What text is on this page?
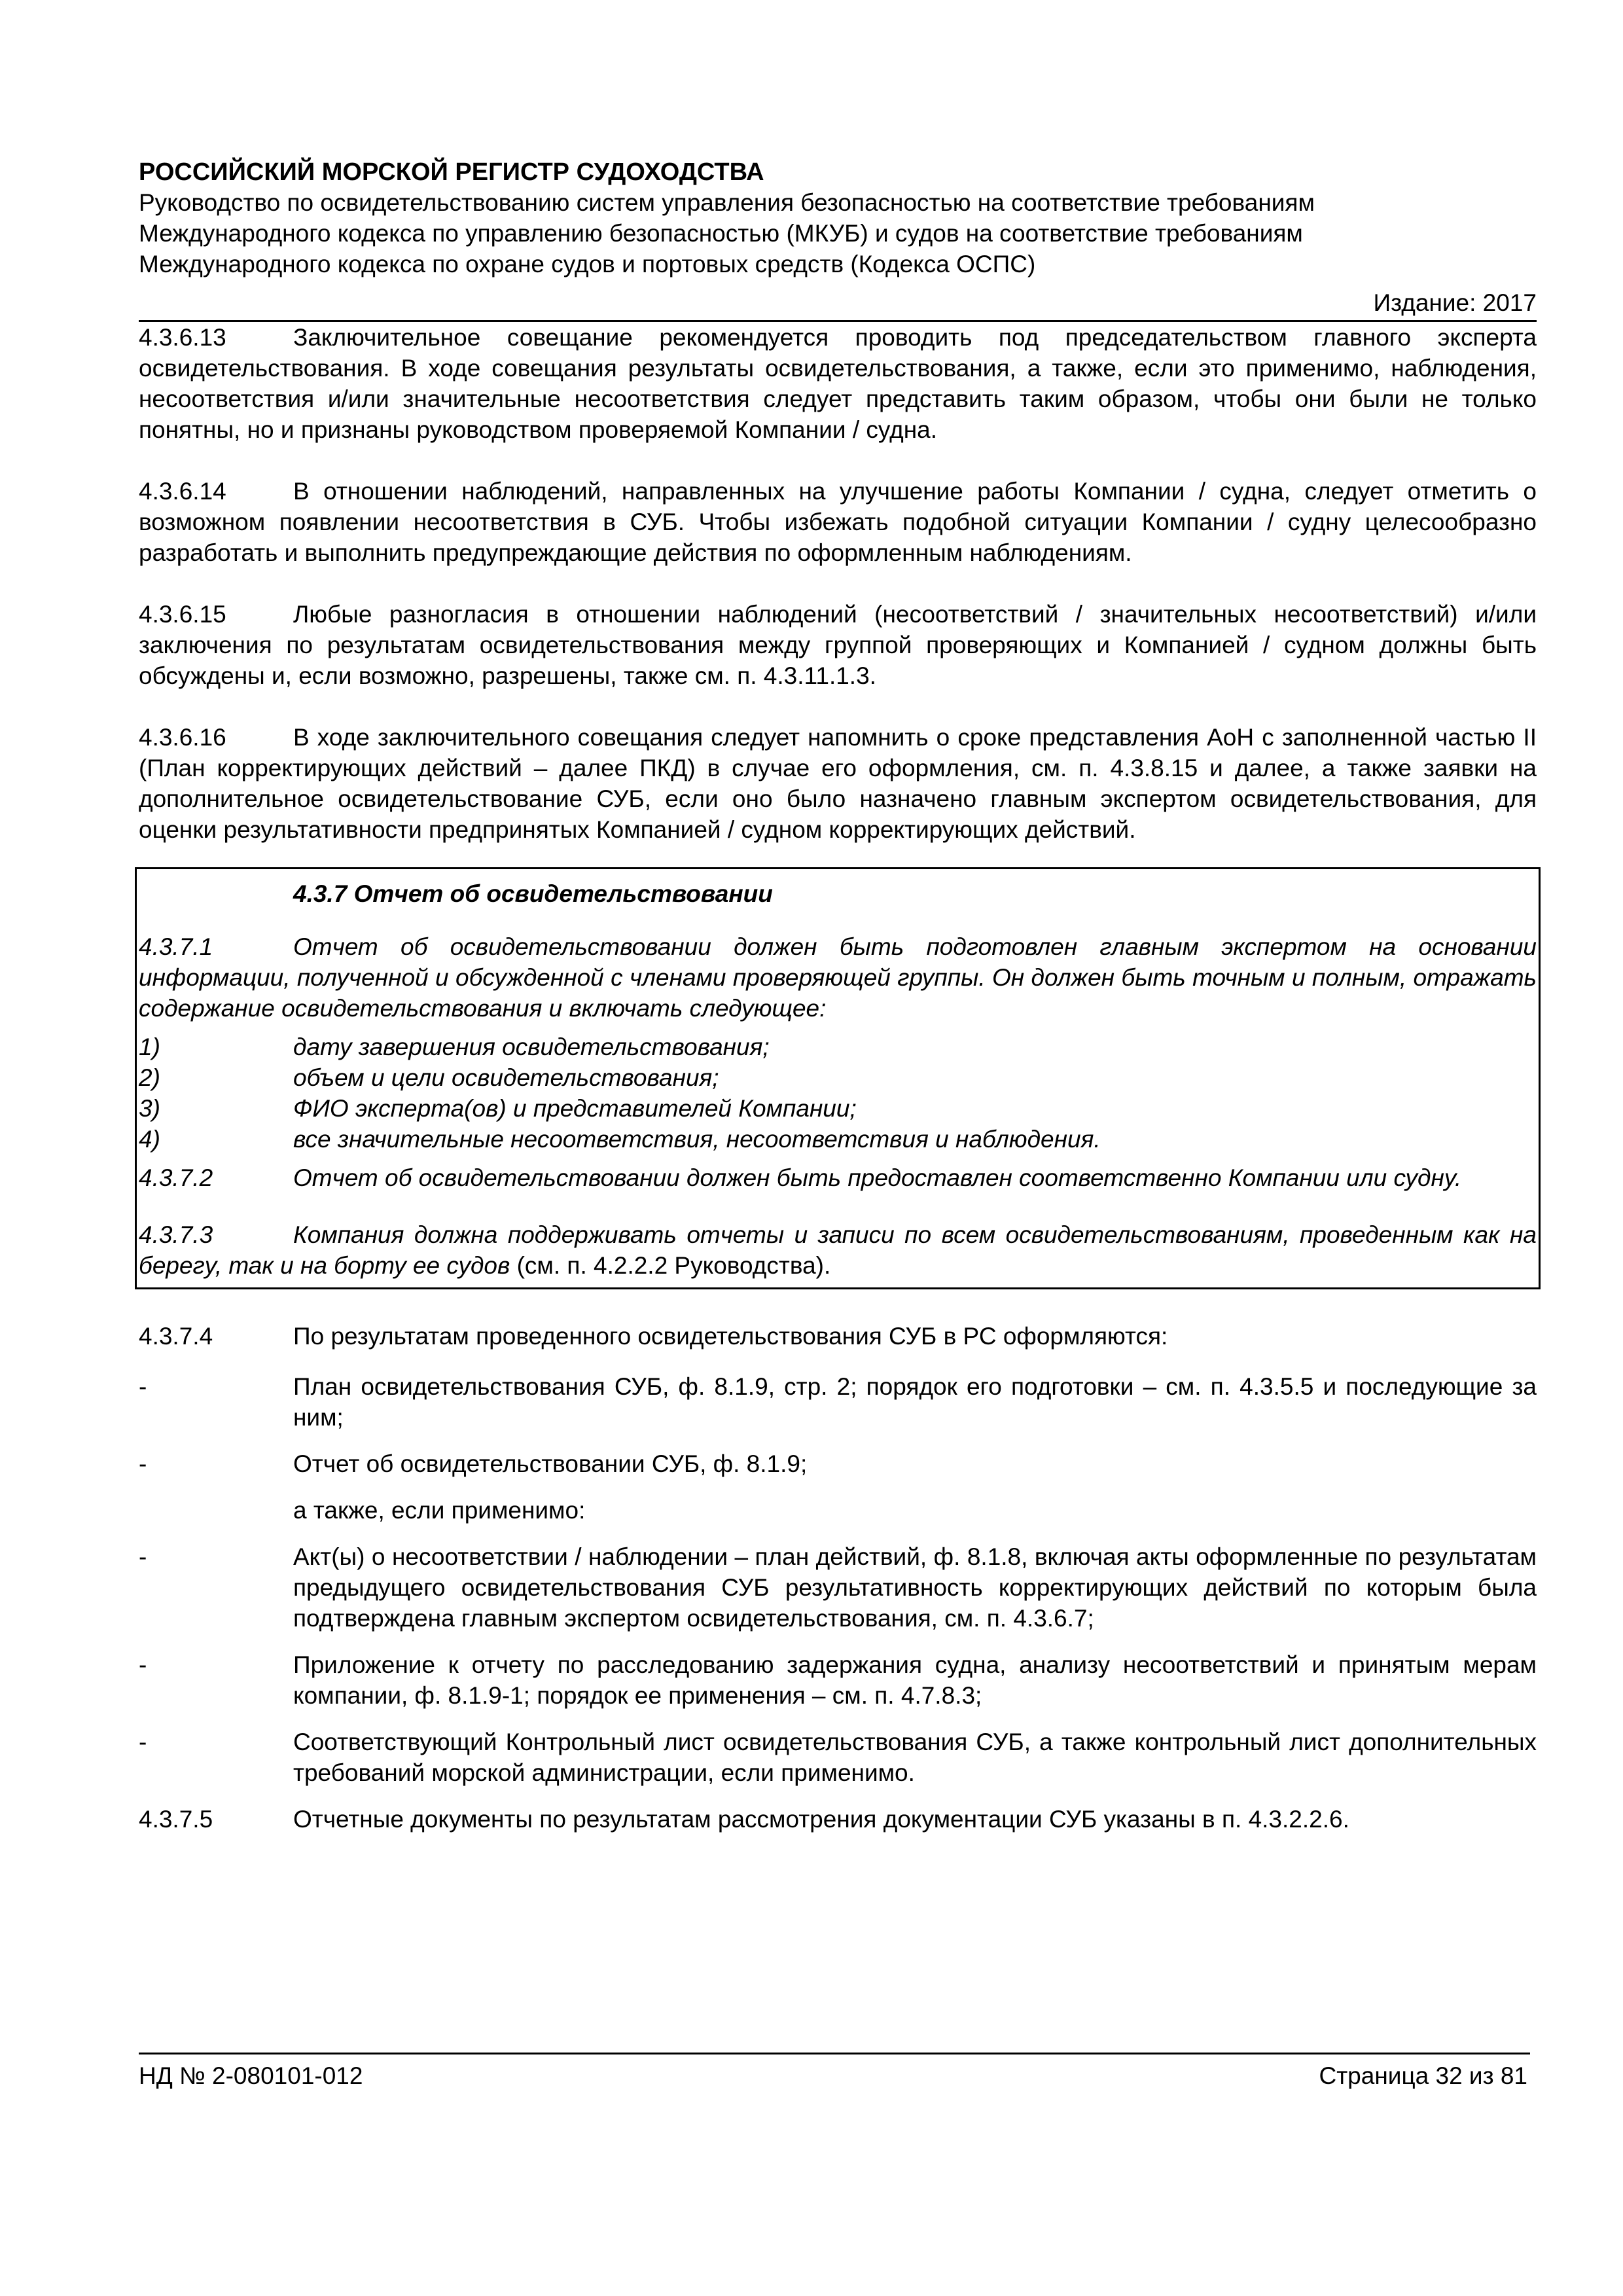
РОССИЙСКИЙ МОРСКОЙ РЕГИСТР СУДОХОДСТВА
Руководство по освидетельствованию систем управления безопасностью на соответствие требованиям
Международного кодекса по управлению безопасностью (МКУБ) и судов на соответствие требованиям
Международного кодекса по охране судов и портовых средств (Кодекса ОСПС)
Издание: 2017
4.3.6.13	Заключительное совещание рекомендуется проводить под председательством главного эксперта освидетельствования. В ходе совещания результаты освидетельствования, а также, если это применимо, наблюдения, несоответствия и/или значительные несоответствия следует представить таким образом, чтобы они были не только понятны, но и признаны руководством проверяемой Компании / судна.
4.3.6.14	В отношении наблюдений, направленных на улучшение работы Компании / судна, следует отметить о возможном появлении несоответствия в СУБ. Чтобы избежать подобной ситуации Компании / судну целесообразно разработать и выполнить предупреждающие действия по оформленным наблюдениям.
4.3.6.15	Любые разногласия в отношении наблюдений (несоответствий / значительных несоответствий) и/или заключения по результатам освидетельствования между группой проверяющих и Компанией / судном должны быть обсуждены и, если возможно, разрешены, также см. п. 4.3.11.1.3.
4.3.6.16	В ходе заключительного совещания следует напомнить о сроке представления АоН с заполненной частью II (План корректирующих действий – далее ПКД) в случае его оформления, см. п. 4.3.8.15 и далее, а также заявки на дополнительное освидетельствование СУБ, если оно было назначено главным экспертом освидетельствования, для оценки результативности предпринятых Компанией / судном корректирующих действий.
4.3.7 Отчет об освидетельствовании
4.3.7.1	Отчет об освидетельствовании должен быть подготовлен главным экспертом на основании информации, полученной и обсужденной с членами проверяющей группы. Он должен быть точным и полным, отражать содержание освидетельствования и включать следующее:
1)	дату завершения освидетельствования;
2)	объем и цели освидетельствования;
3)	ФИО эксперта(ов) и представителей Компании;
4)	все значительные несоответствия, несоответствия и наблюдения.
4.3.7.2	Отчет об освидетельствовании должен быть предоставлен соответственно Компании или судну.
4.3.7.3	Компания должна поддерживать отчеты и записи по всем освидетельствованиям, проведенным как на берегу, так и на борту ее судов (см. п. 4.2.2.2 Руководства).
4.3.7.4	По результатам проведенного освидетельствования СУБ в РС оформляются:
-	План освидетельствования СУБ, ф. 8.1.9, стр. 2; порядок его подготовки – см. п. 4.3.5.5 и последующие за ним;
-	Отчет об освидетельствовании СУБ, ф. 8.1.9;
а также, если применимо:
-	Акт(ы) о несоответствии / наблюдении – план действий, ф. 8.1.8, включая акты оформленные по результатам предыдущего освидетельствования СУБ результативность корректирующих действий по которым была подтверждена главным экспертом освидетельствования, см. п. 4.3.6.7;
-	Приложение к отчету по расследованию задержания судна, анализу несоответствий и принятым мерам компании, ф. 8.1.9-1; порядок ее применения – см. п. 4.7.8.3;
-	Соответствующий Контрольный лист освидетельствования СУБ, а также контрольный лист дополнительных требований морской администрации, если применимо.
4.3.7.5	Отчетные документы по результатам рассмотрения документации СУБ указаны в п. 4.3.2.2.6.
НД № 2-080101-012	Страница 32 из 81
